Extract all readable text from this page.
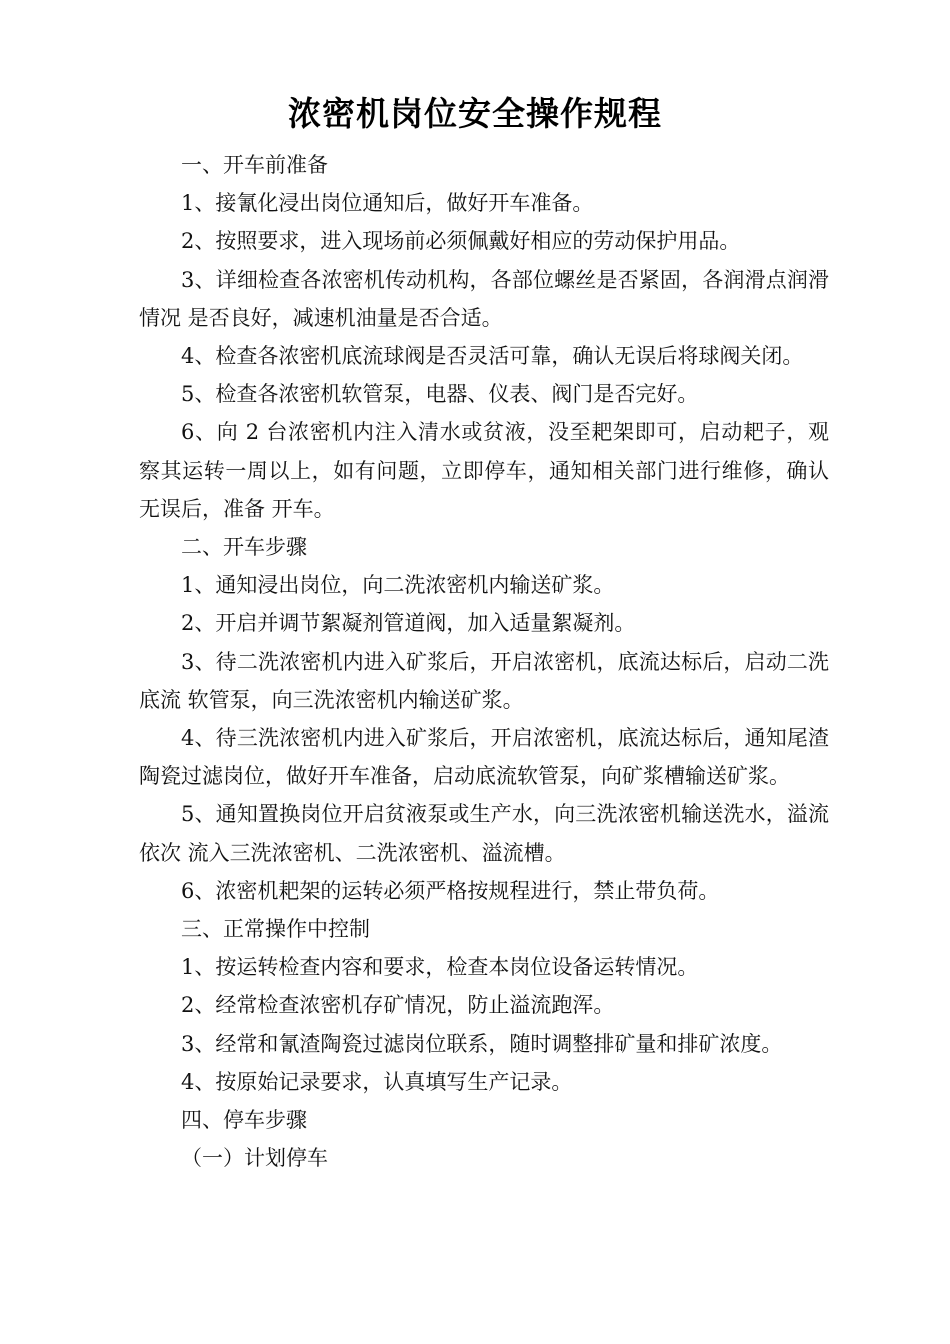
浓密机岗位安全操作规程

一、开车前准备

1、接氰化浸出岗位通知后，做好开车准备。

2、按照要求，进入现场前必须佩戴好相应的劳动保护用品。

3、详细检查各浓密机传动机构，各部位螺丝是否紧固，各润滑点润滑情况 是否良好，减速机油量是否合适。

4、检查各浓密机底流球阀是否灵活可靠，确认无误后将球阀关闭。

5、检查各浓密机软管泵，电器、仪表、阀门是否完好。

6、向 2 台浓密机内注入清水或贫液，没至耙架即可，启动耙子，观察其运转一周以上，如有问题，立即停车，通知相关部门进行维修，确认无误后，准备 开车。

二、开车步骤

1、通知浸出岗位，向二洗浓密机内输送矿浆。

2、开启并调节絮凝剂管道阀，加入适量絮凝剂。

3、待二洗浓密机内进入矿浆后，开启浓密机，底流达标后，启动二洗底流 软管泵，向三洗浓密机内输送矿浆。

4、待三洗浓密机内进入矿浆后，开启浓密机，底流达标后，通知尾渣陶瓷过滤岗位，做好开车准备，启动底流软管泵，向矿浆槽输送矿浆。

5、通知置换岗位开启贫液泵或生产水，向三洗浓密机输送洗水，溢流依次 流入三洗浓密机、二洗浓密机、溢流槽。

6、浓密机耙架的运转必须严格按规程进行，禁止带负荷。

三、正常操作中控制

1、按运转检查内容和要求，检查本岗位设备运转情况。

2、经常检查浓密机存矿情况，防止溢流跑浑。

3、经常和氰渣陶瓷过滤岗位联系，随时调整排矿量和排矿浓度。

4、按原始记录要求，认真填写生产记录。

四、停车步骤

（一）计划停车
